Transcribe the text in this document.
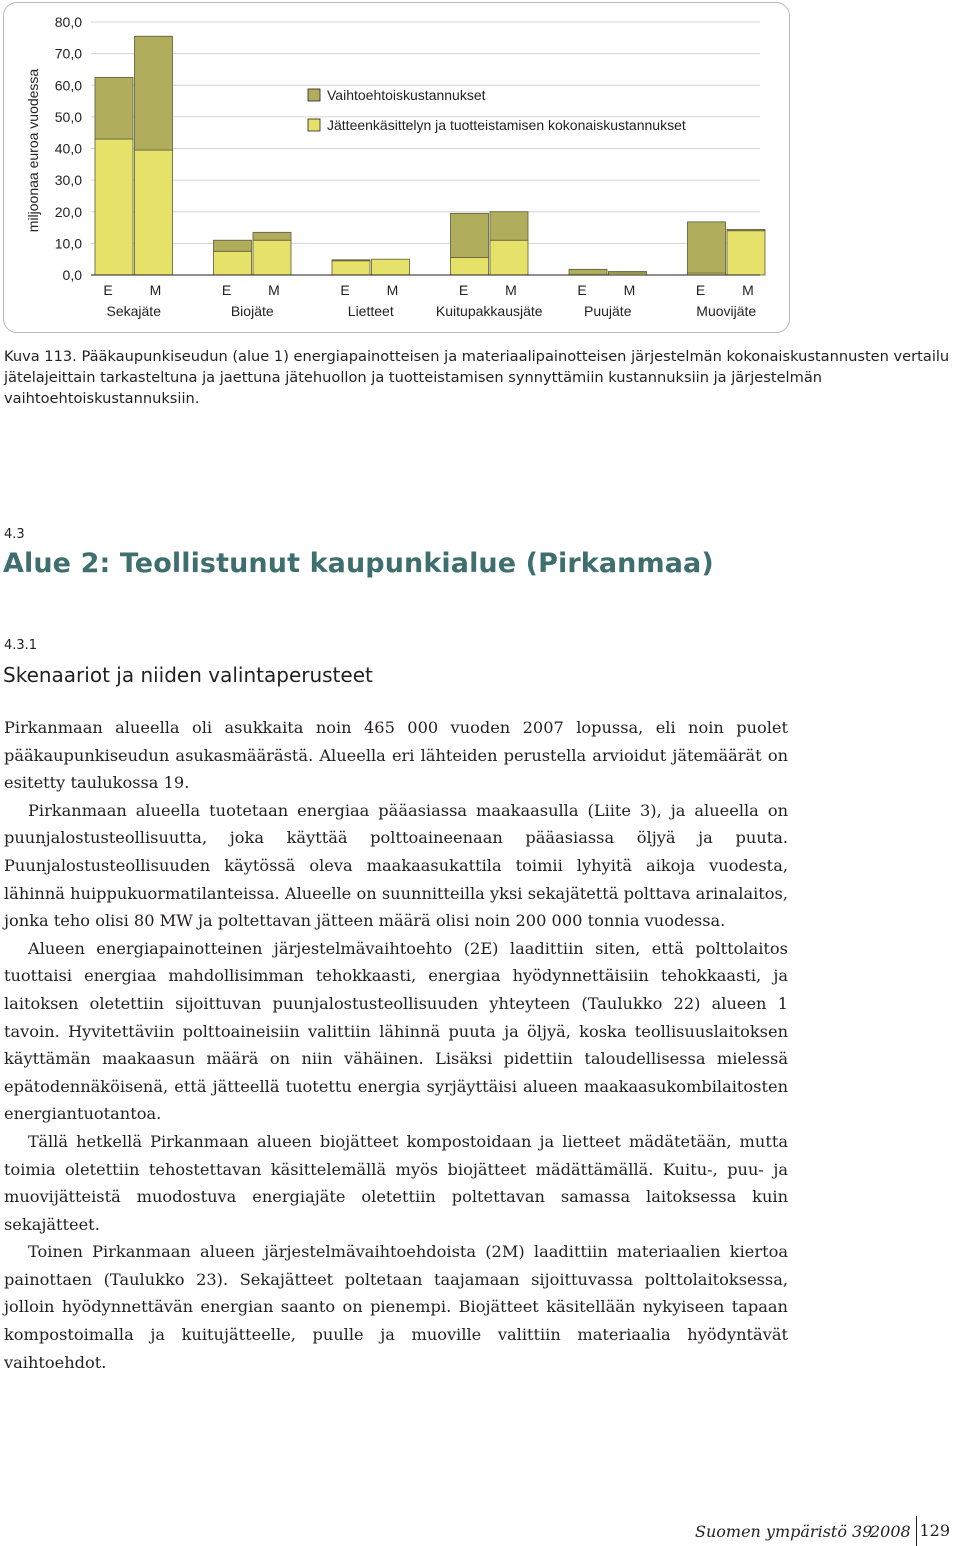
0,0
10,0
20,0
30,0
40,0
50,0
60,0
70,0
80,0
miljoonaa euroa vuodessa
E	M
Sekajäte
E	M
Biojäte
E	M
Lietteet
E	M
Kuitupakkausjäte
E	M
Puujäte
E	M
Muovijäte
Vaihtoehtoiskustannukset
Jätteenkäsittelyn ja tuotteistamisen kokonaiskustannukset
Kuva 113. Pääkaupunkiseudun (alue 1) energiapainotteisen ja materiaalipainotteisen järjestelmän kokonaiskustannusten vertailu jätelajeittain tarkasteltuna ja jaettuna jätehuollon ja tuotteistamisen synnyttämiin kustannuksiin ja järjestelmän vaihtoehtoiskustannuksiin.
4.3
Alue 2: Teollistunut kaupunkialue (Pirkanmaa)
4.3.1
Skenaariot ja niiden valintaperusteet

Pirkanmaan alueella oli asukkaita noin 465 000 vuoden 2007 lopussa, eli noin puolet pääkaupunkiseudun asukasmäärästä. Alueella eri lähteiden perustella arvioidut jätemäärät on esitetty taulukossa 19.

Pirkanmaan alueella tuotetaan energiaa pääasiassa maakaasulla (Liite 3), ja alueella on puunjalostusteollisuutta, joka käyttää polttoaineenaan pääasiassa öljyä ja puuta. Puunjalostusteollisuuden käytössä oleva maakaasukattila toimii lyhyitä aikoja vuodesta, lähinnä huippukuormatilanteissa. Alueelle on suunnitteilla yksi sekajätettä polttava arinalaitos, jonka teho olisi 80 MW ja poltettavan jätteen määrä olisi noin 200 000 tonnia vuodessa.

Alueen energiapainotteinen järjestelmävaihtoehto (2E) laadittiin siten, että polttolaitos tuottaisi energiaa mahdollisimman tehokkaasti, energiaa hyödynnettäisiin tehokkaasti, ja laitoksen oletettiin sijoittuvan puunjalostusteollisuuden yhteyteen (Taulukko 22) alueen 1 tavoin. Hyvitettäviin polttoaineisiin valittiin lähinnä puuta ja öljyä, koska teollisuuslaitoksen käyttämän maakaasun määrä on niin vähäinen. Lisäksi pidettiin taloudellisessa mielessä epätodennäköisenä, että jätteellä tuotettu energia syrjäyttäisi alueen maakaasukombilaitosten energiantuotantoa.

Tällä hetkellä Pirkanmaan alueen biojätteet kompostoidaan ja lietteet mädätetään, mutta toimia oletettiin tehostettavan käsittelemällä myös biojätteet mädättämällä. Kuitu-, puu- ja muovijätteistä muodostuva energiajäte oletettiin poltettavan samassa laitoksessa kuin sekajätteet.

Toinen Pirkanmaan alueen järjestelmävaihtoehdoista (2M) laadittiin materiaalien kiertoa painottaen (Taulukko 23). Sekajätteet poltetaan taajamaan sijoittuvassa polttolaitoksessa, jolloin hyödynnettävän energian saanto on pienempi. Biojätteet käsitellään nykyiseen tapaan kompostoimalla ja kuitujätteelle, puulle ja muoville valittiin materiaalia hyödyntävät vaihtoehdot.

Suomen ympäristö 39
2008 129
